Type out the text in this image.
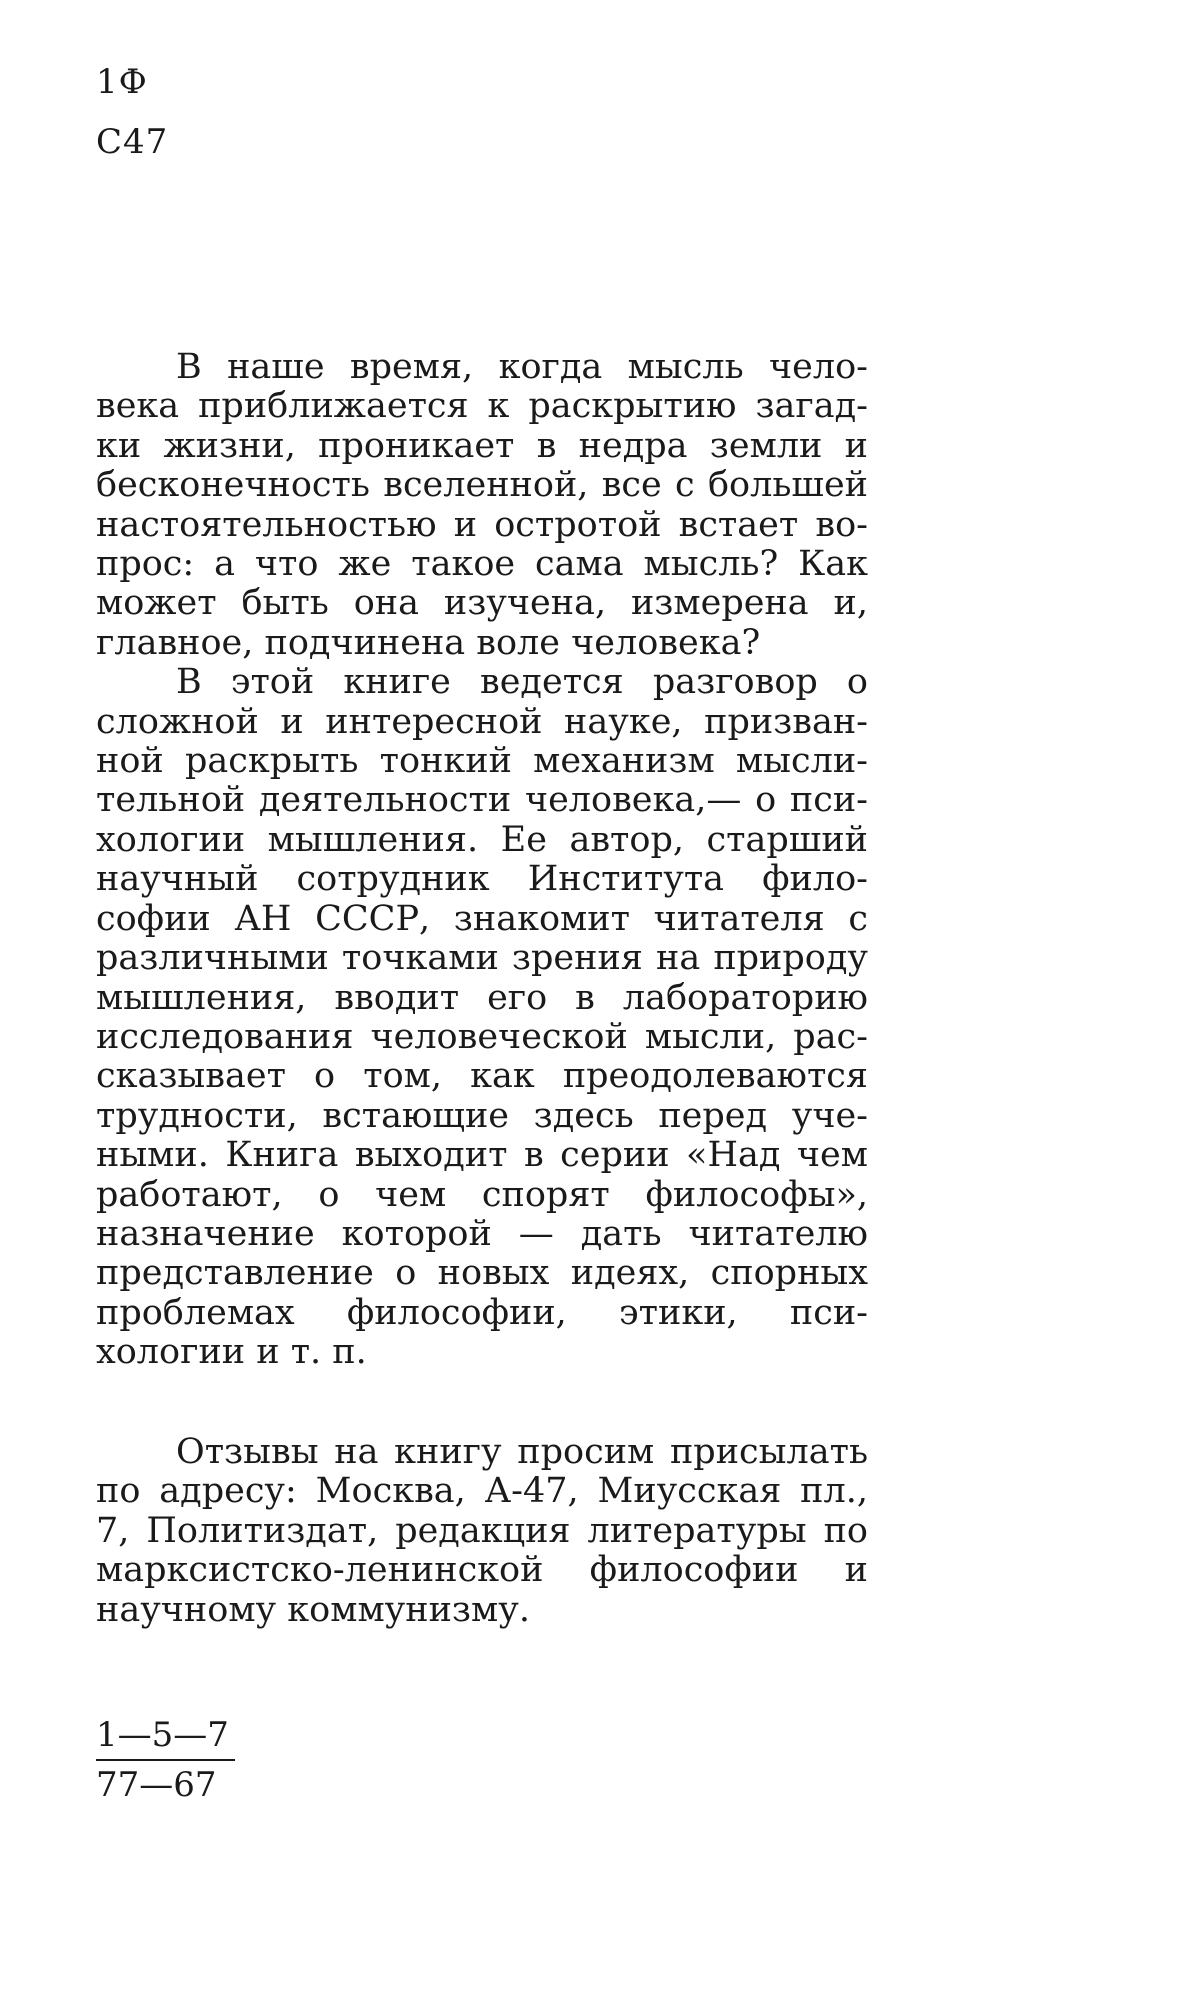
1Ф
С47

В наше время, когда мысль человека приближается к раскрытию загадки жизни, проникает в недра земли и бесконечность вселенной, все с большей настоятельностью и остротой встает вопрос: а что же такое сама мысль? Как может быть она изучена, измерена и, главное, подчинена воле человека?

В этой книге ведется разговор о сложной и интересной науке, призванной раскрыть тонкий механизм мыслительной деятельности человека,— о психологии мышления. Ее автор, старший научный сотрудник Института философии АН СССР, знакомит читателя с различными точками зрения на природу мышления, вводит его в лабораторию исследования человеческой мысли, рассказывает о том, как преодолеваются трудности, встающие здесь перед учеными. Книга выходит в серии «Над чем работают, о чем спорят философы», назначение которой — дать читателю представление о новых идеях, спорных проблемах философии, этики, психологии и т. п.

Отзывы на книгу просим присылать по адресу: Москва, А-47, Миусская пл., 7, Политиздат, редакция литературы по марксистско-ленинской философии и научному коммунизму.

$\frac{1—5—7}{77—67}$
